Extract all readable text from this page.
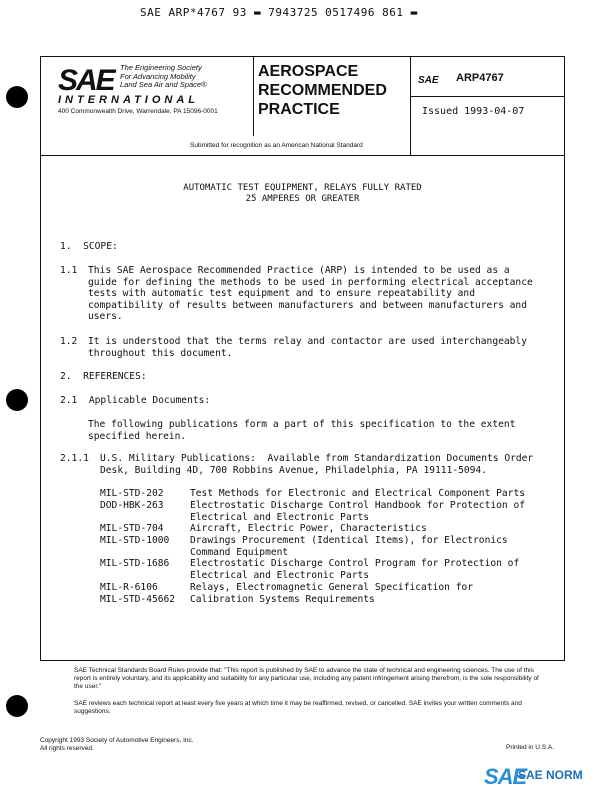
SAE ARP*4767 93 ▬ 7943725 0517496 861 ▬
SAE The Engineering Society
For Advancing Mobility
Land Sea Air and Space®
INTERNATIONAL
400 Commonwealth Drive, Warrendale, PA 15096-0001
AEROSPACE
RECOMMENDED
PRACTICE
SAE ARP4767
Issued 1993-04-07
Submitted for recognition as an American National Standard
AUTOMATIC TEST EQUIPMENT, RELAYS FULLY RATED
25 AMPERES OR GREATER
1.  SCOPE:
1.1 This SAE Aerospace Recommended Practice (ARP) is intended to be used as a
guide for defining the methods to be used in performing electrical acceptance
tests with automatic test equipment and to ensure repeatability and
compatibility of results between manufacturers and between manufacturers and
users.
1.2 It is understood that the terms relay and contactor are used interchangeably
throughout this document.
2.  REFERENCES:
2.1  Applicable Documents:
The following publications form a part of this specification to the extent
specified herein.
2.1.1 U.S. Military Publications:  Available from Standardization Documents Order
Desk, Building 4D, 700 Robbins Avenue, Philadelphia, PA 19111-5094.
MIL-STD-202	Test Methods for Electronic and Electrical Component Parts
DOD-HBK-263	Electrostatic Discharge Control Handbook for Protection of
Electrical and Electronic Parts
MIL-STD-704	Aircraft, Electric Power, Characteristics
MIL-STD-1000 Drawings Procurement (Identical Items), for Electronics
Command Equipment
MIL-STD-1686 Electrostatic Discharge Control Program for Protection of
Electrical and Electronic Parts
MIL-R-6106	Relays, Electromagnetic General Specification for
MIL-STD-45662 Calibration Systems Requirements
SAE Technical Standards Board Rules provide that: "This report is published by SAE to advance the state of technical and engineering sciences. The use of this report is entirely voluntary, and its applicability and suitability for any particular use, including any patent infringement arising therefrom, is the sole responsibility of the user."
SAE reviews each technical report at least every five years at which time it may be reaffirmed, revised, or cancelled. SAE invites your written comments and suggestions.
Copyright 1993 Society of Automotive Engineers, Inc.
All rights reserved.	Printed in U.S.A.
SAE
SAE NORM
